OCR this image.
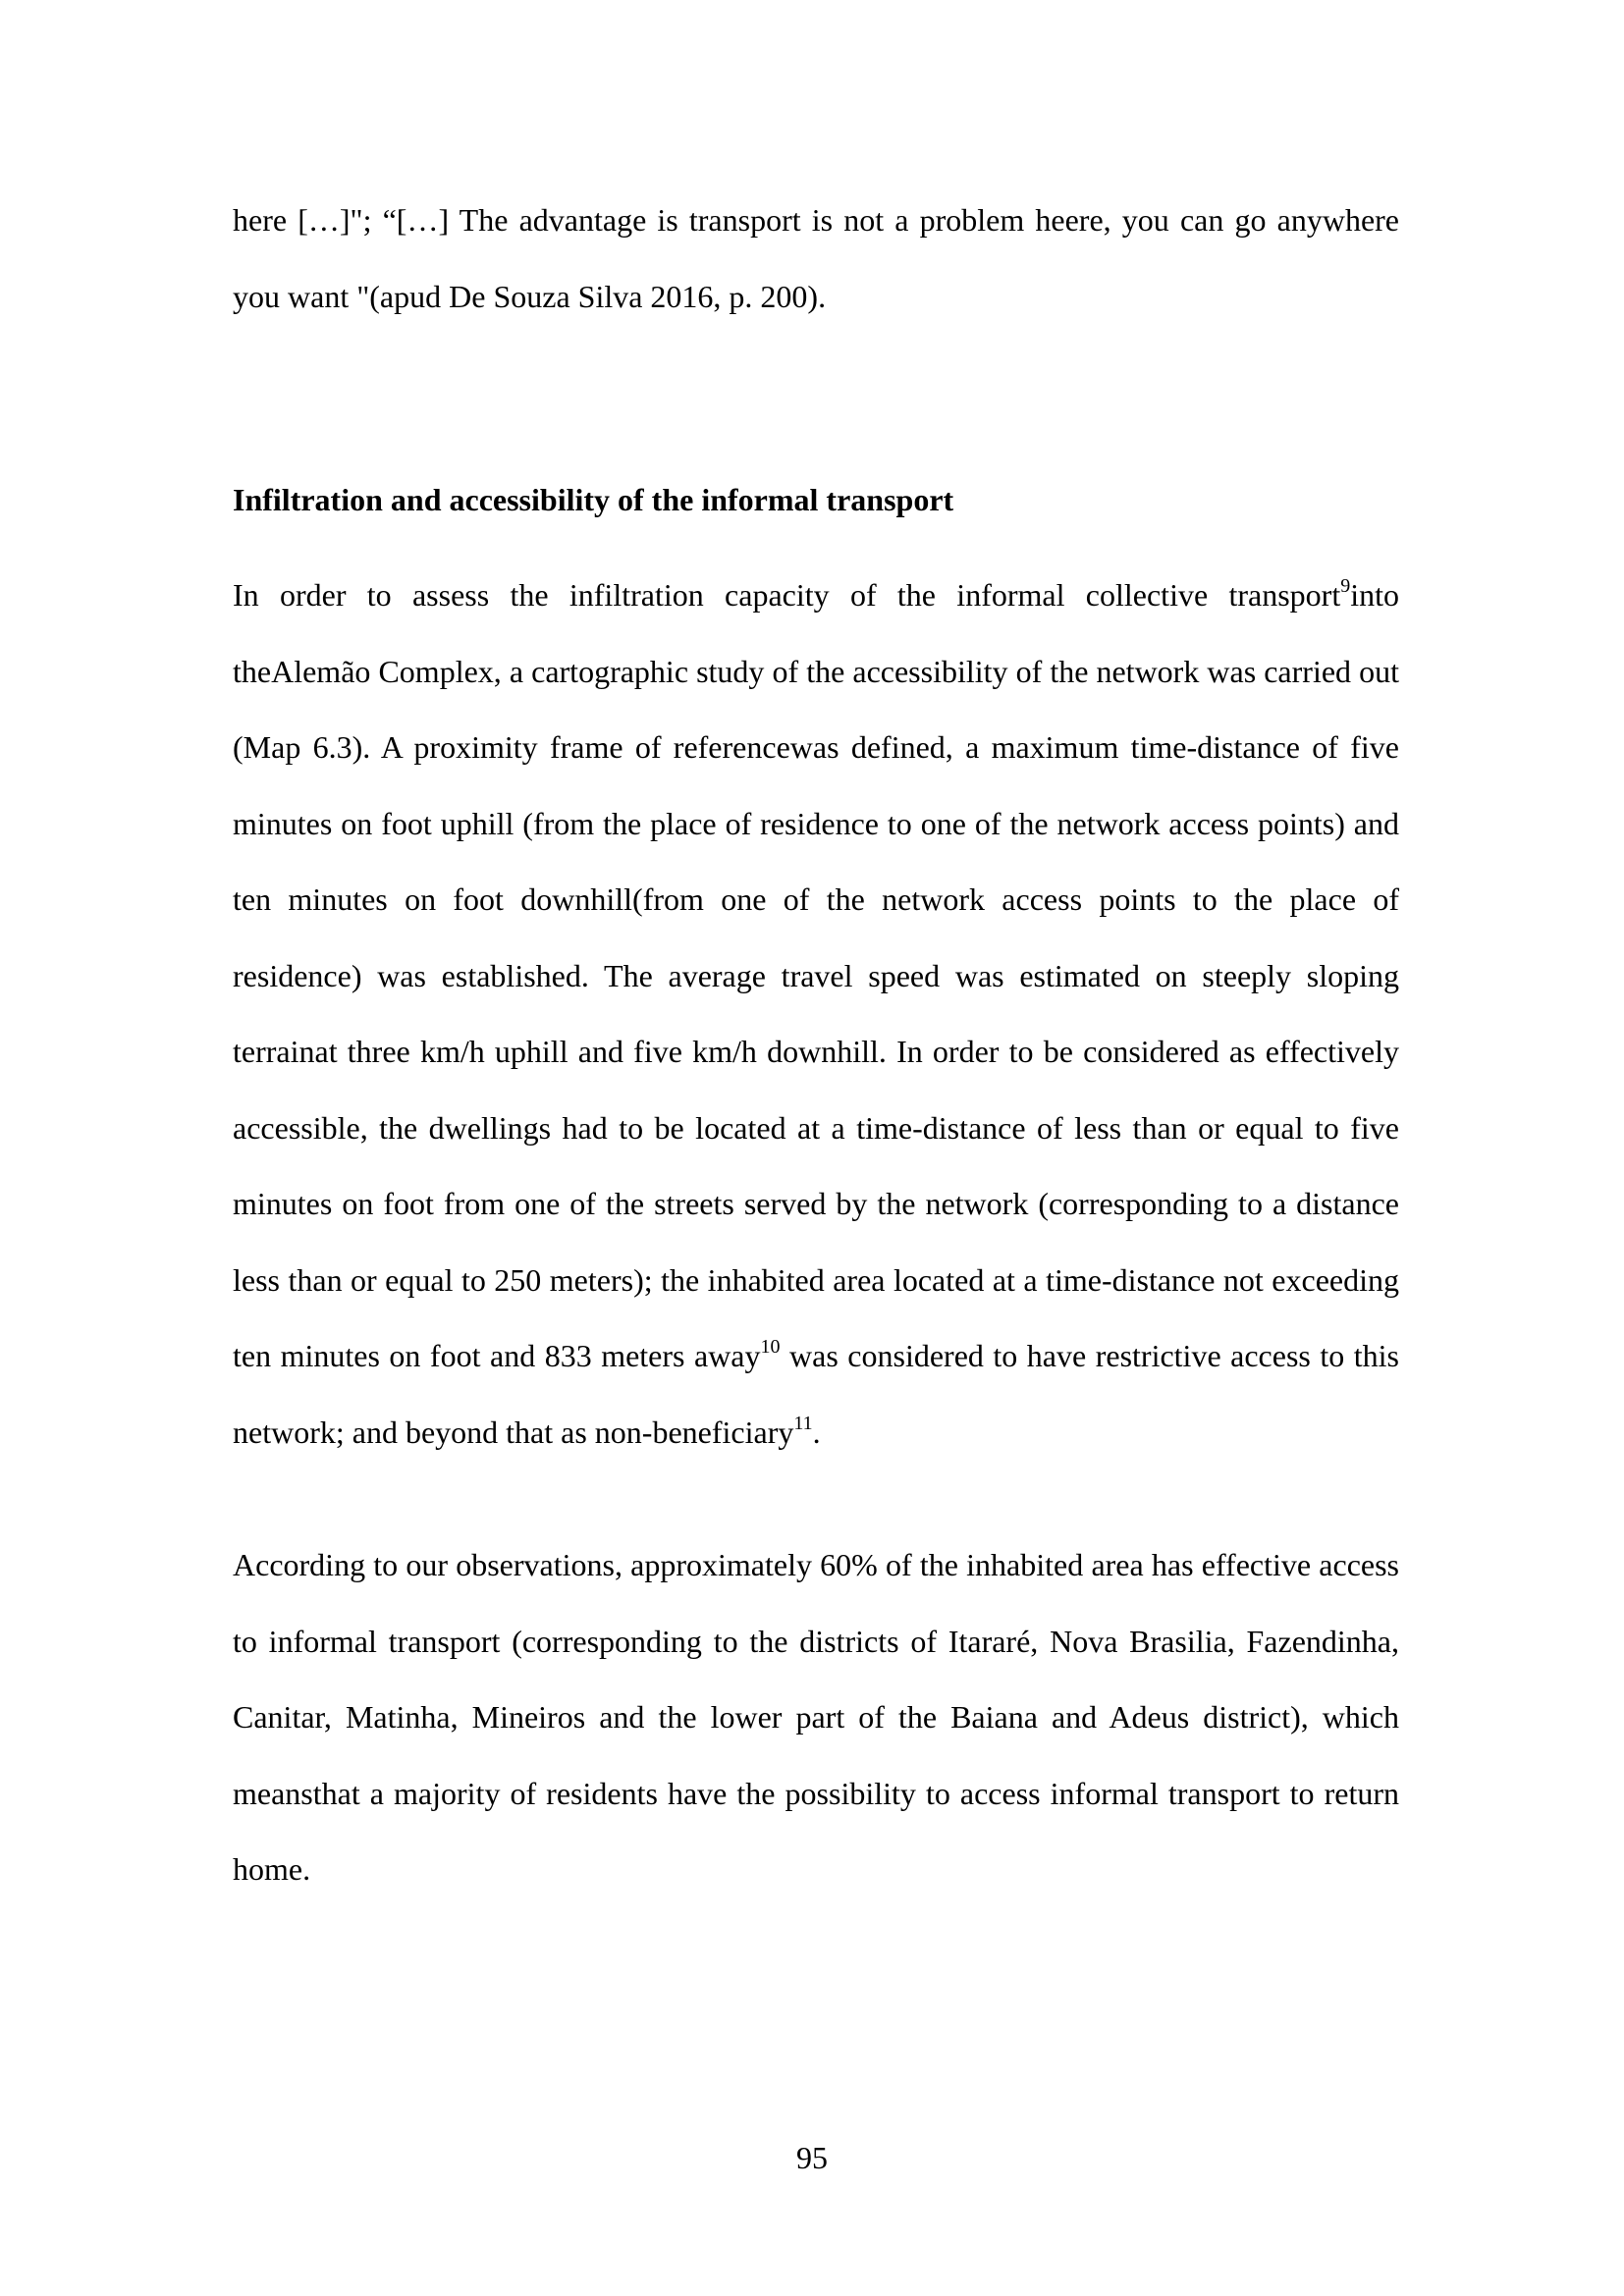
here […]"; “[…] The advantage is transport is not a problem heere, you can go anywhere you want "(apud De Souza Silva 2016, p. 200).

Infiltration and accessibility of the informal transport

In order to assess the infiltration capacity of the informal collective transport$^9$into theAlemão Complex, a cartographic study of the accessibility of the network was carried out (Map 6.3). A proximity frame of referencewas defined, a maximum time-distance of five minutes on foot uphill (from the place of residence to one of the network access points) and ten minutes on foot downhill(from one of the network access points to the place of residence) was established. The average travel speed was estimated on steeply sloping terrainat three km/h uphill and five km/h downhill. In order to be considered as effectively accessible, the dwellings had to be located at a time-distance of less than or equal to five minutes on foot from one of the streets served by the network (corresponding to a distance less than or equal to 250 meters); the inhabited area located at a time-distance not exceeding ten minutes on foot and 833 meters away$^{10}$ was considered to have restrictive access to this network; and beyond that as non-beneficiary$^{11}$.

According to our observations, approximately 60% of the inhabited area has effective access to informal transport (corresponding to the districts of Itararé, Nova Brasilia, Fazendinha, Canitar, Matinha, Mineiros and the lower part of the Baiana and Adeus district), which meansthat a majority of residents have the possibility to access informal transport to return home.

95
